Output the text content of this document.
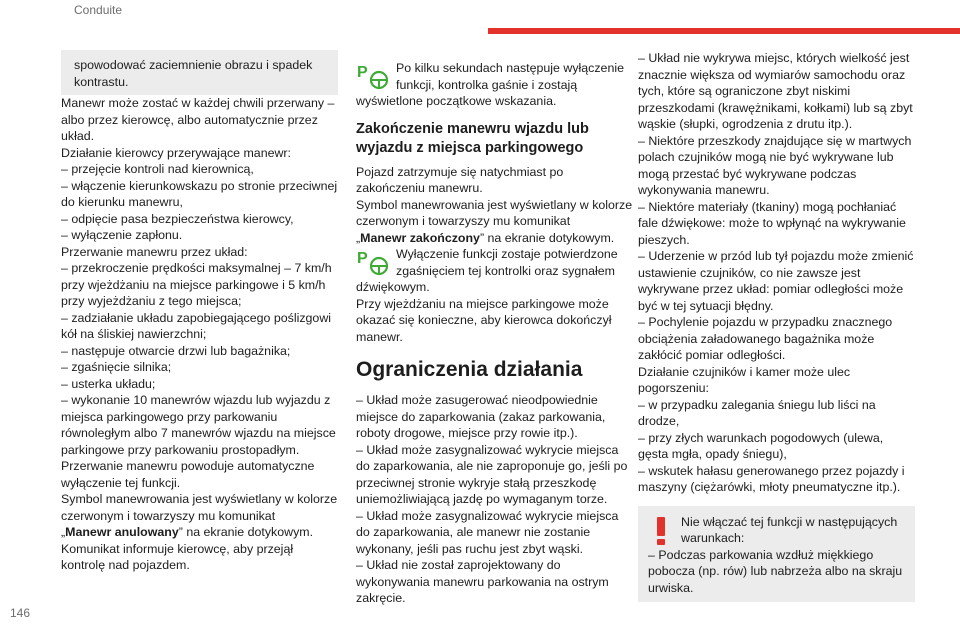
Conduite

spowodować zaciemnienie obrazu i spadek kontrastu.

Manewr może zostać w każdej chwili przerwany – albo przez kierowcę, albo automatycznie przez układ.

Działanie kierowcy przerywające manewr:

– przejęcie kontroli nad kierownicą,

– włączenie kierunkowskazu po stronie przeciwnej do kierunku manewru,

– odpięcie pasa bezpieczeństwa kierowcy,

– wyłączenie zapłonu.

Przerwanie manewru przez układ:

– przekroczenie prędkości maksymalnej – 7 km/h przy wjeżdżaniu na miejsce parkingowe i 5 km/h przy wyjeżdżaniu z tego miejsca;

– zadziałanie układu zapobiegającego poślizgowi kół na śliskiej nawierzchni;

– następuje otwarcie drzwi lub bagażnika;

– zgaśnięcie silnika;

– usterka układu;

– wykonanie 10 manewrów wjazdu lub wyjazdu z miejsca parkingowego przy parkowaniu równoległym albo 7 manewrów wjazdu na miejsce parkingowe przy parkowaniu prostopadłym.

Przerwanie manewru powoduje automatyczne wyłączenie tej funkcji.

Symbol manewrowania jest wyświetlany w kolorze czerwonym i towarzyszy mu komunikat

„Manewr anulowany” na ekranie dotykowym.

Komunikat informuje kierowcę, aby przejął kontrolę nad pojazdem.

P	Po kilku sekundach następuje wyłączenie funkcji, kontrolka gaśnie i zostają wyświetlone początkowe wskazania.

Zakończenie manewru wjazdu lub wyjazdu z miejsca parkingowego

Pojazd zatrzymuje się natychmiast po zakończeniu manewru.

Symbol manewrowania jest wyświetlany w kolorze czerwonym i towarzyszy mu komunikat

„Manewr zakończony” na ekranie dotykowym.

P	Wyłączenie funkcji zostaje potwierdzone zgaśnięciem tej kontrolki oraz sygnałem dźwiękowym.

Przy wjeżdżaniu na miejsce parkingowe może okazać się konieczne, aby kierowca dokończył manewr.

Ograniczenia działania

– Układ może zasugerować nieodpowiednie miejsce do zaparkowania (zakaz parkowania, roboty drogowe, miejsce przy rowie itp.).

– Układ może zasygnalizować wykrycie miejsca do zaparkowania, ale nie zaproponuje go, jeśli po przeciwnej stronie wykryje stałą przeszkodę uniemożliwiającą jazdę po wymaganym torze.

– Układ może zasygnalizować wykrycie miejsca do zaparkowania, ale manewr nie zostanie wykonany, jeśli pas ruchu jest zbyt wąski.

– Układ nie został zaprojektowany do wykonywania manewru parkowania na ostrym zakręcie.

– Układ nie wykrywa miejsc, których wielkość jest znacznie większa od wymiarów samochodu oraz tych, które są ograniczone zbyt niskimi przeszkodami (krawężnikami, kołkami) lub są zbyt wąskie (słupki, ogrodzenia z drutu itp.).

– Niektóre przeszkody znajdujące się w martwych polach czujników mogą nie być wykrywane lub mogą przestać być wykrywane podczas wykonywania manewru.

– Niektóre materiały (tkaniny) mogą pochłaniać fale dźwiękowe: może to wpłynąć na wykrywanie pieszych.

– Uderzenie w przód lub tył pojazdu może zmienić ustawienie czujników, co nie zawsze jest wykrywane przez układ: pomiar odległości może być w tej sytuacji błędny.

– Pochylenie pojazdu w przypadku znacznego obciążenia załadowanego bagażnika może zakłócić pomiar odległości.

Działanie czujników i kamer może ulec pogorszeniu:

– w przypadku zalegania śniegu lub liści na drodze,

– przy złych warunkach pogodowych (ulewa, gęsta mgła, opady śniegu),

– wskutek hałasu generowanego przez pojazdy i maszyny (ciężarówki, młoty pneumatyczne itp.).

Nie włączać tej funkcji w następujących warunkach:

– Podczas parkowania wzdłuż miękkiego pobocza (np. rów) lub nabrzeża albo na skraju urwiska.

146
